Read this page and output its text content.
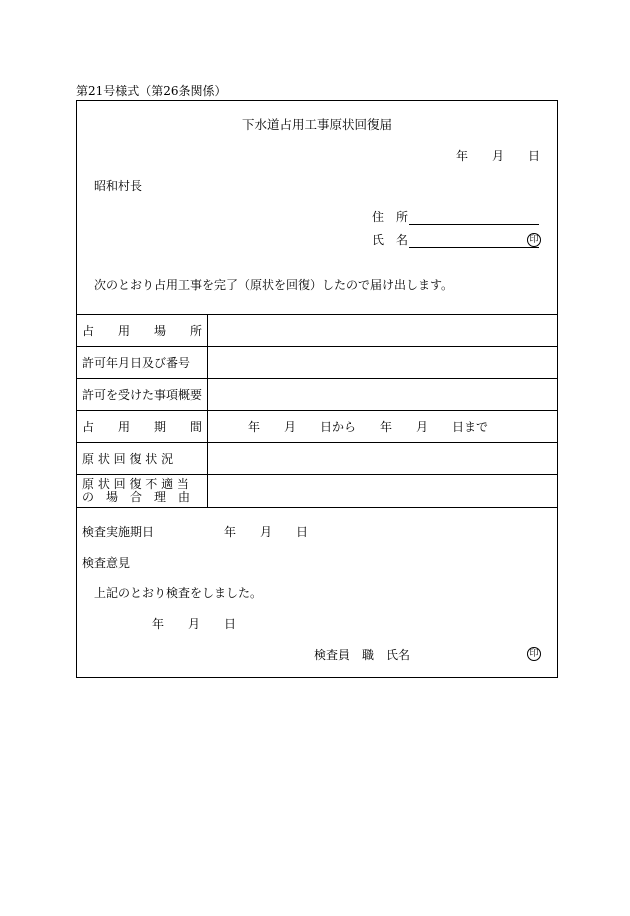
第21号様式（第26条関係）
下水道占用工事原状回復届
年 月 日
昭和村長
住　所
氏　名	印
次のとおり占用工事を完了（原状を回復）したので届け出します。
占　　用　　場　　所
許可年月日及び番号
許可を受けた事項概要
占　　用　　期　　間	年　　月　　日から　　年　　月　　日まで
原 状 回 復 状 況
原 状 回 復 不 適 当
の　場　合　理　由
検査実施期日	年　　月　　日
検査意見
上記のとおり検査をしました。
年　　月　　日
検査員　職　氏名	印
